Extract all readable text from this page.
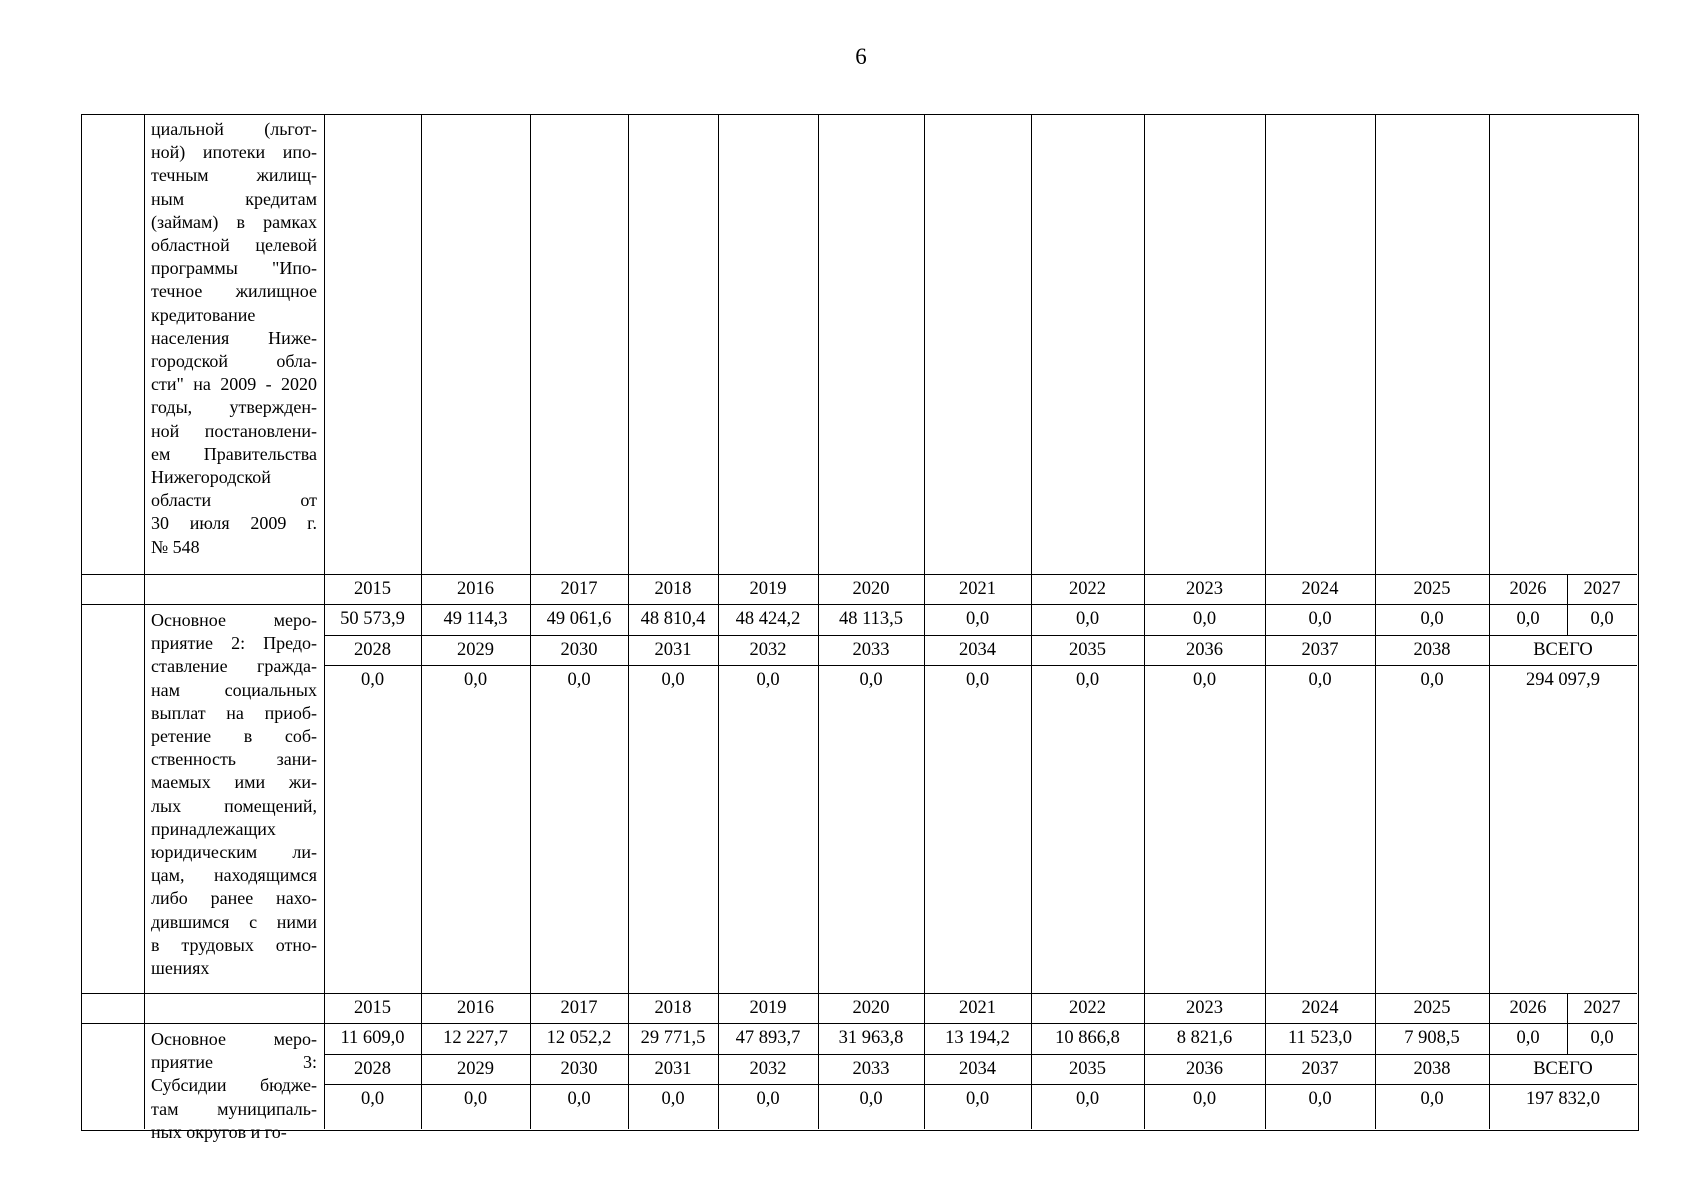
6
циальной (льгот-
ной) ипотеки ипо-
течным жилищ-
ным кредитам
(займам) в рамках
областной целевой
программы "Ипо-
течное жилищное
кредитование
населения Ниже-
городской обла-
сти" на 2009 - 2020
годы, утвержден-
ной постановлени-
ем Правительства
Нижегородской
области от
30 июля 2009 г.
№ 548
2015	2016	2017	2018	2019	2020	2021	2022	2023	2024	2025	2026	2027
50 573,9	49 114,3	49 061,6	48 810,4	48 424,2	48 113,5	0,0	0,0	0,0	0,0	0,0	0,0	0,0
2028	2029	2030	2031	2032	2033	2034	2035	2036	2037	2038	ВСЕГО
0,0	0,0	0,0	0,0	0,0	0,0	0,0	0,0	0,0	0,0	0,0	294 097,9
Основное меро-
приятие 2: Предо-
ставление гражда-
нам социальных
выплат на приоб-
ретение в соб-
ственность зани-
маемых ими жи-
лых помещений,
принадлежащих
юридическим ли-
цам, находящимся
либо ранее нахо-
дившимся с ними
в трудовых отно-
шениях
2015	2016	2017	2018	2019	2020	2021	2022	2023	2024	2025	2026	2027
11 609,0	12 227,7	12 052,2	29 771,5	47 893,7	31 963,8	13 194,2	10 866,8	8 821,6	11 523,0	7 908,5	0,0	0,0
2028	2029	2030	2031	2032	2033	2034	2035	2036	2037	2038	ВСЕГО
0,0	0,0	0,0	0,0	0,0	0,0	0,0	0,0	0,0	0,0	0,0	197 832,0
Основное меро-
приятие 3:
Субсидии бюдже-
там муниципаль-
ных округов и го-
